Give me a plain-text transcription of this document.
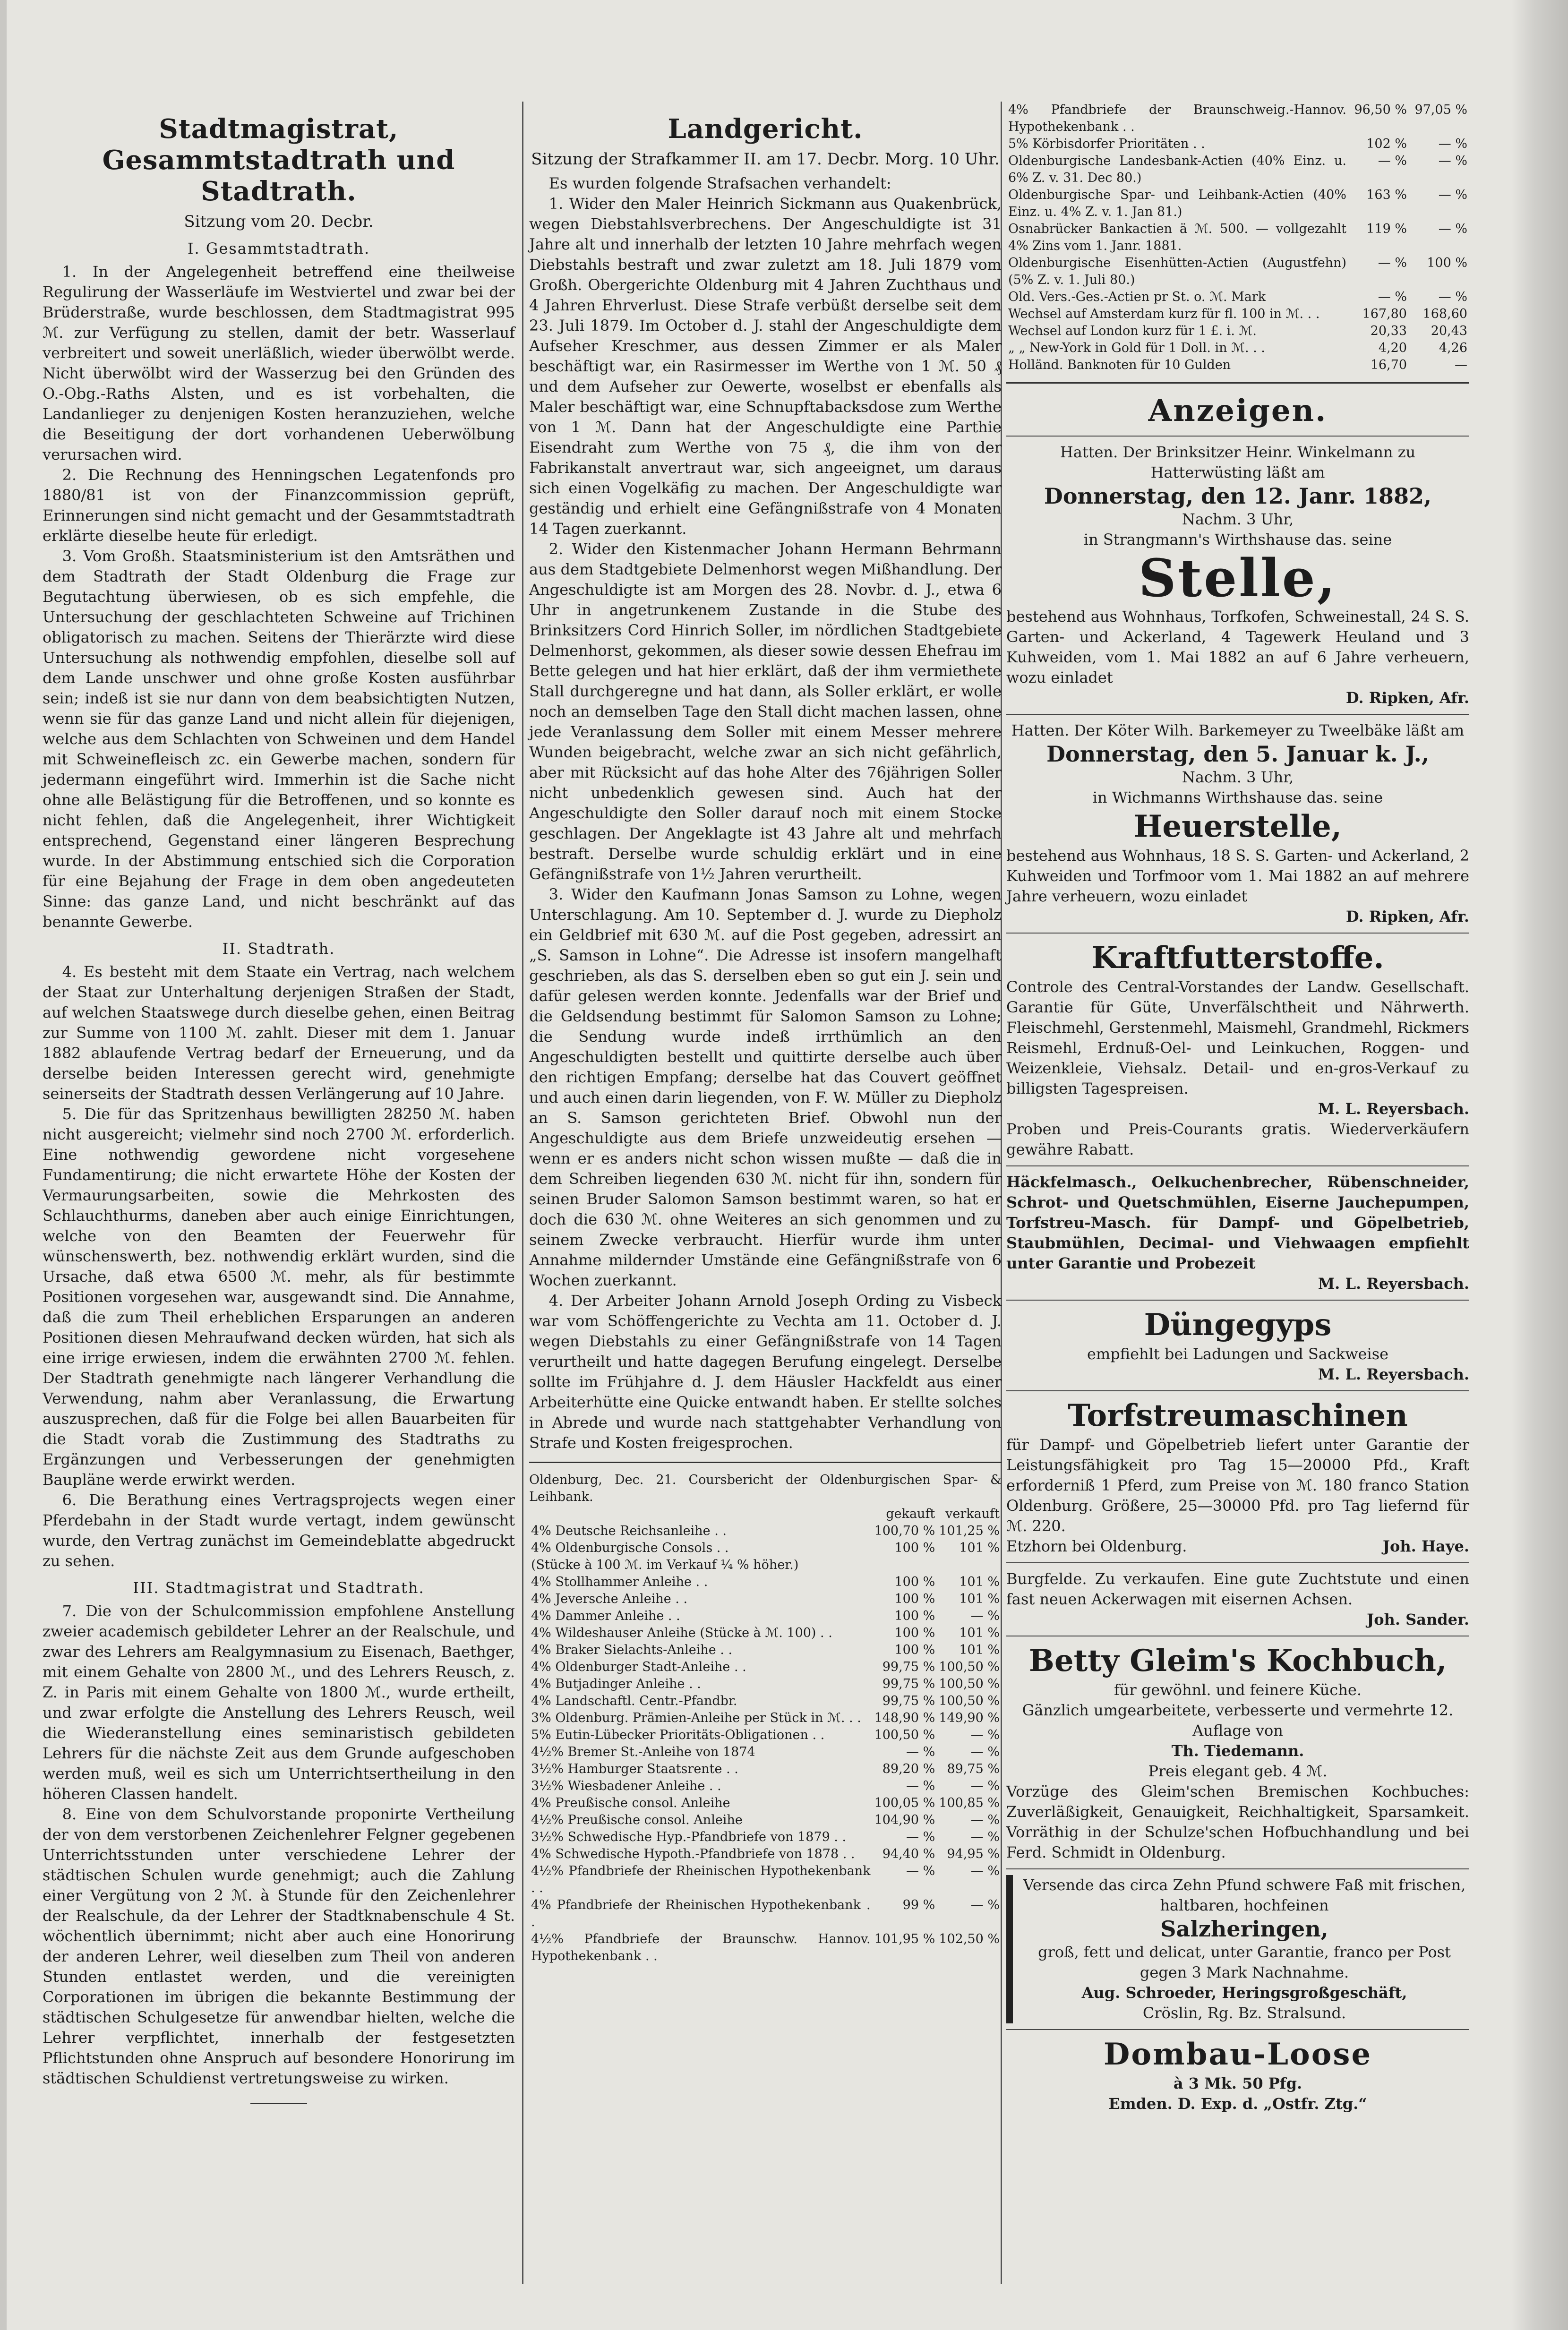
Stadtmagistrat, Gesammtstadtrath und Stadtrath.
Sitzung vom 20. Decbr.
I. Gesammtstadtrath.

1. In der Angelegenheit betreffend eine theilweise Regulirung der Wasserläufe im Westviertel und zwar bei der Brüderstraße, wurde beschlossen, dem Stadtmagistrat 995 ℳ. zur Verfügung zu stellen, damit der betr. Wasserlauf verbreitert und soweit unerläßlich, wieder überwölbt werde. Nicht überwölbt wird der Wasserzug bei den Gründen des O.-Obg.-Raths Alsten, und es ist vorbehalten, die Landanlieger zu denjenigen Kosten heranzuziehen, welche die Beseitigung der dort vorhandenen Ueberwölbung verursachen wird.

2. Die Rechnung des Henningschen Legatenfonds pro 1880/81 ist von der Finanzcommission geprüft, Erinnerungen sind nicht gemacht und der Gesammtstadtrath erklärte dieselbe heute für erledigt.

3. Vom Großh. Staatsministerium ist den Amtsräthen und dem Stadtrath der Stadt Oldenburg die Frage zur Begutachtung überwiesen, ob es sich empfehle, die Untersuchung der geschlachteten Schweine auf Trichinen obligatorisch zu machen. Seitens der Thierärzte wird diese Untersuchung als nothwendig empfohlen, dieselbe soll auf dem Lande unschwer und ohne große Kosten ausführbar sein; indeß ist sie nur dann von dem beabsichtigten Nutzen, wenn sie für das ganze Land und nicht allein für diejenigen, welche aus dem Schlachten von Schweinen und dem Handel mit Schweinefleisch zc. ein Gewerbe machen, sondern für jedermann eingeführt wird. Immerhin ist die Sache nicht ohne alle Belästigung für die Betroffenen, und so konnte es nicht fehlen, daß die Angelegenheit, ihrer Wichtigkeit entsprechend, Gegenstand einer längeren Besprechung wurde. In der Abstimmung entschied sich die Corporation für eine Bejahung der Frage in dem oben angedeuteten Sinne: das ganze Land, und nicht beschränkt auf das benannte Gewerbe.

II. Stadtrath.

4. Es besteht mit dem Staate ein Vertrag, nach welchem der Staat zur Unterhaltung derjenigen Straßen der Stadt, auf welchen Staatswege durch dieselbe gehen, einen Beitrag zur Summe von 1100 ℳ. zahlt. Dieser mit dem 1. Januar 1882 ablaufende Vertrag bedarf der Erneuerung, und da derselbe beiden Interessen gerecht wird, genehmigte seinerseits der Stadtrath dessen Verlängerung auf 10 Jahre.

5. Die für das Spritzenhaus bewilligten 28250 ℳ. haben nicht ausgereicht; vielmehr sind noch 2700 ℳ. erforderlich. Eine nothwendig gewordene nicht vorgesehene Fundamentirung; die nicht erwartete Höhe der Kosten der Vermaurungsarbeiten, sowie die Mehrkosten des Schlauchthurms, daneben aber auch einige Einrichtungen, welche von den Beamten der Feuerwehr für wünschenswerth, bez. nothwendig erklärt wurden, sind die Ursache, daß etwa 6500 ℳ. mehr, als für bestimmte Positionen vorgesehen war, ausgewandt sind. Die Annahme, daß die zum Theil erheblichen Ersparungen an anderen Positionen diesen Mehraufwand decken würden, hat sich als eine irrige erwiesen, indem die erwähnten 2700 ℳ. fehlen. Der Stadtrath genehmigte nach längerer Verhandlung die Verwendung, nahm aber Veranlassung, die Erwartung auszusprechen, daß für die Folge bei allen Bauarbeiten für die Stadt vorab die Zustimmung des Stadtraths zu Ergänzungen und Verbesserungen der genehmigten Baupläne werde erwirkt werden.

6. Die Berathung eines Vertragsprojects wegen einer Pferdebahn in der Stadt wurde vertagt, indem gewünscht wurde, den Vertrag zunächst im Gemeindeblatte abgedruckt zu sehen.

III. Stadtmagistrat und Stadtrath.

7. Die von der Schulcommission empfohlene Anstellung zweier academisch gebildeter Lehrer an der Realschule, und zwar des Lehrers am Realgymnasium zu Eisenach, Baethger, mit einem Gehalte von 2800 ℳ., und des Lehrers Reusch, z. Z. in Paris mit einem Gehalte von 1800 ℳ., wurde ertheilt, und zwar erfolgte die Anstellung des Lehrers Reusch, weil die Wiederanstellung eines seminaristisch gebildeten Lehrers für die nächste Zeit aus dem Grunde aufgeschoben werden muß, weil es sich um Unterrichtsertheilung in den höheren Classen handelt.

8. Eine von dem Schulvorstande proponirte Vertheilung der von dem verstorbenen Zeichenlehrer Felgner gegebenen Unterrichtsstunden unter verschiedene Lehrer der städtischen Schulen wurde genehmigt; auch die Zahlung einer Vergütung von 2 ℳ. à Stunde für den Zeichenlehrer der Realschule, da der Lehrer der Stadtknabenschule 4 St. wöchentlich übernimmt; nicht aber auch eine Honorirung der anderen Lehrer, weil dieselben zum Theil von anderen Stunden entlastet werden, und die vereinigten Corporationen im übrigen die bekannte Bestimmung der städtischen Schulgesetze für anwendbar hielten, welche die Lehrer verpflichtet, innerhalb der festgesetzten Pflichtstunden ohne Anspruch auf besondere Honorirung im städtischen Schuldienst vertretungsweise zu wirken.

Landgericht.
Sitzung der Strafkammer II. am 17. Decbr. Morg. 10 Uhr.

Es wurden folgende Strafsachen verhandelt:

1. Wider den Maler Heinrich Sickmann aus Quakenbrück, wegen Diebstahlsverbrechens. Der Angeschuldigte ist 31 Jahre alt und innerhalb der letzten 10 Jahre mehrfach wegen Diebstahls bestraft und zwar zuletzt am 18. Juli 1879 vom Großh. Obergerichte Oldenburg mit 4 Jahren Zuchthaus und 4 Jahren Ehrverlust. Diese Strafe verbüßt derselbe seit dem 23. Juli 1879. Im October d. J. stahl der Angeschuldigte dem Aufseher Kreschmer, aus dessen Zimmer er als Maler beschäftigt war, ein Rasirmesser im Werthe von 1 ℳ. 50 ₰ und dem Aufseher zur Oewerte, woselbst er ebenfalls als Maler beschäftigt war, eine Schnupftabacksdose zum Werthe von 1 ℳ. Dann hat der Angeschuldigte eine Parthie Eisendraht zum Werthe von 75 ₰, die ihm von der Fabrikanstalt anvertraut war, sich angeeignet, um daraus sich einen Vogelkäfig zu machen. Der Angeschuldigte war geständig und erhielt eine Gefängnißstrafe von 4 Monaten 14 Tagen zuerkannt.

2. Wider den Kistenmacher Johann Hermann Behrmann aus dem Stadtgebiete Delmenhorst wegen Mißhandlung. Der Angeschuldigte ist am Morgen des 28. Novbr. d. J., etwa 6 Uhr in angetrunkenem Zustande in die Stube des Brinksitzers Cord Hinrich Soller, im nördlichen Stadtgebiete Delmenhorst, gekommen, als dieser sowie dessen Ehefrau im Bette gelegen und hat hier erklärt, daß der ihm vermiethete Stall durchgeregne und hat dann, als Soller erklärt, er wolle noch an demselben Tage den Stall dicht machen lassen, ohne jede Veranlassung dem Soller mit einem Messer mehrere Wunden beigebracht, welche zwar an sich nicht gefährlich, aber mit Rücksicht auf das hohe Alter des 76jährigen Soller nicht unbedenklich gewesen sind. Auch hat der Angeschuldigte den Soller darauf noch mit einem Stocke geschlagen. Der Angeklagte ist 43 Jahre alt und mehrfach bestraft. Derselbe wurde schuldig erklärt und in eine Gefängnißstrafe von 1½ Jahren verurtheilt.

3. Wider den Kaufmann Jonas Samson zu Lohne, wegen Unterschlagung. Am 10. September d. J. wurde zu Diepholz ein Geldbrief mit 630 ℳ. auf die Post gegeben, adressirt an „S. Samson in Lohne“. Die Adresse ist insofern mangelhaft geschrieben, als das S. derselben eben so gut ein J. sein und dafür gelesen werden konnte. Jedenfalls war der Brief und die Geldsendung bestimmt für Salomon Samson zu Lohne; die Sendung wurde indeß irrthümlich an den Angeschuldigten bestellt und quittirte derselbe auch über den richtigen Empfang; derselbe hat das Couvert geöffnet und auch einen darin liegenden, von F. W. Müller zu Diepholz an S. Samson gerichteten Brief. Obwohl nun der Angeschuldigte aus dem Briefe unzweideutig ersehen — wenn er es anders nicht schon wissen mußte — daß die in dem Schreiben liegenden 630 ℳ. nicht für ihn, sondern für seinen Bruder Salomon Samson bestimmt waren, so hat er doch die 630 ℳ. ohne Weiteres an sich genommen und zu seinem Zwecke verbraucht. Hierfür wurde ihm unter Annahme mildernder Umstände eine Gefängnißstrafe von 6 Wochen zuerkannt.

4. Der Arbeiter Johann Arnold Joseph Ording zu Visbeck war vom Schöffengerichte zu Vechta am 11. October d. J. wegen Diebstahls zu einer Gefängnißstrafe von 14 Tagen verurtheilt und hatte dagegen Berufung eingelegt. Derselbe sollte im Frühjahre d. J. dem Häusler Hackfeldt aus einer Arbeiterhütte eine Quicke entwandt haben. Er stellte solches in Abrede und wurde nach stattgehabter Verhandlung von Strafe und Kosten freigesprochen.

Oldenburg, Dec. 21. Coursbericht der Oldenburgischen Spar- & Leihbank.
	gekauft	verkauft
4% Deutsche Reichsanleihe . .	100,70 %	101,25 %
4% Oldenburgische Consols . .	100 %	101 %
(Stücke à 100 ℳ. im Verkauf ¼ % höher.)		
4% Stollhammer Anleihe . .	100 %	101 %
4% Jeversche Anleihe . .	100 %	101 %
4% Dammer Anleihe . .	100 %	— %
4% Wildeshauser Anleihe (Stücke à ℳ. 100) . .	100 %	101 %
4% Braker Sielachts-Anleihe . .	100 %	101 %
4% Oldenburger Stadt-Anleihe . .	99,75 %	100,50 %
4% Butjadinger Anleihe . .	99,75 %	100,50 %
4% Landschaftl. Centr.-Pfandbr.	99,75 %	100,50 %
3% Oldenburg. Prämien-Anleihe per Stück in ℳ. . .	148,90 %	149,90 %
5% Eutin-Lübecker Prioritäts-Obligationen . .	100,50 %	— %
4½% Bremer St.-Anleihe von 1874	— %	— %
3½% Hamburger Staatsrente . .	89,20 %	89,75 %
3½% Wiesbadener Anleihe . .	— %	— %
4% Preußische consol. Anleihe	100,05 %	100,85 %
4½% Preußische consol. Anleihe	104,90 %	— %
3½% Schwedische Hyp.-Pfandbriefe von 1879 . .	— %	— %
4% Schwedische Hypoth.-Pfandbriefe von 1878 . .	94,40 %	94,95 %
4½% Pfandbriefe der Rheinischen Hypothekenbank . .	— %	— %
4% Pfandbriefe der Rheinischen Hypothekenbank . .	99 %	— %
4½% Pfandbriefe der Braunschw. Hannov. Hypothekenbank . .	101,95 %	102,50 %
4% Pfandbriefe der Braunschweig.-Hannov. Hypothekenbank . .	96,50 %	97,05 %
5% Körbisdorfer Prioritäten . .	102 %	— %
Oldenburgische Landesbank-Actien (40% Einz. u. 6% Z. v. 31. Dec 80.)	— %	— %
Oldenburgische Spar- und Leihbank-Actien (40% Einz. u. 4% Z. v. 1. Jan 81.)	163 %	— %
Osnabrücker Bankactien ä ℳ. 500. — vollgezahlt 4% Zins vom 1. Janr. 1881.	119 %	— %
Oldenburgische Eisenhütten-Actien (Augustfehn) (5% Z. v. 1. Juli 80.)	— %	100 %
Old. Vers.-Ges.-Actien pr St. o. ℳ. Mark	— %	— %
Wechsel auf Amsterdam kurz für fl. 100 in ℳ. . .	167,80	168,60
Wechsel auf London kurz für 1 £. i. ℳ.	20,33	20,43
„ „ New-York in Gold für 1 Doll. in ℳ. . .	4,20	4,26
Holländ. Banknoten für 10 Gulden	16,70	—
Anzeigen.

Hatten. Der Brinksitzer Heinr. Winkelmann zu Hatterwüsting läßt am

Donnerstag, den 12. Janr. 1882,

Nachm. 3 Uhr,

in Strangmann's Wirthshause das. seine

Stelle,

bestehend aus Wohnhaus, Torfkofen, Schweinestall, 24 S. S. Garten- und Ackerland, 4 Tagewerk Heuland und 3 Kuhweiden, vom 1. Mai 1882 an auf 6 Jahre verheuern, wozu einladet

D. Ripken, Afr.

Hatten. Der Köter Wilh. Barkemeyer zu Tweelbäke läßt am

Donnerstag, den 5. Januar k. J.,

Nachm. 3 Uhr,

in Wichmanns Wirthshause das. seine

Heuerstelle,

bestehend aus Wohnhaus, 18 S. S. Garten- und Ackerland, 2 Kuhweiden und Torfmoor vom 1. Mai 1882 an auf mehrere Jahre verheuern, wozu einladet

D. Ripken, Afr.
Kraftfutterstoffe.

Controle des Central-Vorstandes der Landw. Gesellschaft. Garantie für Güte, Unverfälschtheit und Nährwerth. Fleischmehl, Gerstenmehl, Maismehl, Grandmehl, Rickmers Reismehl, Erdnuß-Oel- und Leinkuchen, Roggen- und Weizenkleie, Viehsalz. Detail- und en-gros-Verkauf zu billigsten Tagespreisen.

M. L. Reyersbach.

Proben und Preis-Courants gratis. Wiederverkäufern gewähre Rabatt.

Häckfelmasch., Oelkuchenbrecher, Rübenschneider, Schrot- und Quetschmühlen, Eiserne Jauchepumpen, Torfstreu-Masch. für Dampf- und Göpelbetrieb, Staubmühlen, Decimal- und Viehwaagen empfiehlt unter Garantie und Probezeit

M. L. Reyersbach.
Düngegyps

empfiehlt bei Ladungen und Sackweise

M. L. Reyersbach.
Torfstreumaschinen

für Dampf- und Göpelbetrieb liefert unter Garantie der Leistungsfähigkeit pro Tag 15—20000 Pfd., Kraft erforderniß 1 Pferd, zum Preise von ℳ. 180 franco Station Oldenburg. Größere, 25—30000 Pfd. pro Tag liefernd für ℳ. 220.

Etzhorn bei Oldenburg.	Joh. Haye.

Burgfelde. Zu verkaufen. Eine gute Zuchtstute und einen fast neuen Ackerwagen mit eisernen Achsen.

Joh. Sander.
Betty Gleim's Kochbuch,

für gewöhnl. und feinere Küche.

Gänzlich umgearbeitete, verbesserte und vermehrte 12. Auflage von

Th. Tiedemann.

Preis elegant geb. 4 ℳ.

Vorzüge des Gleim'schen Bremischen Kochbuches: Zuverläßigkeit, Genauigkeit, Reichhaltigkeit, Sparsamkeit. Vorräthig in der Schulze'schen Hofbuchhandlung und bei Ferd. Schmidt in Oldenburg.

Versende das circa Zehn Pfund schwere Faß mit frischen, haltbaren, hochfeinen

Salzheringen,

groß, fett und delicat, unter Garantie, franco per Post gegen 3 Mark Nachnahme.

Aug. Schroeder, Heringsgroßgeschäft,

Cröslin, Rg. Bz. Stralsund.

Dombau-Loose
à 3 Mk. 50 Pfg.
Emden. D. Exp. d. „Ostfr. Ztg.“
